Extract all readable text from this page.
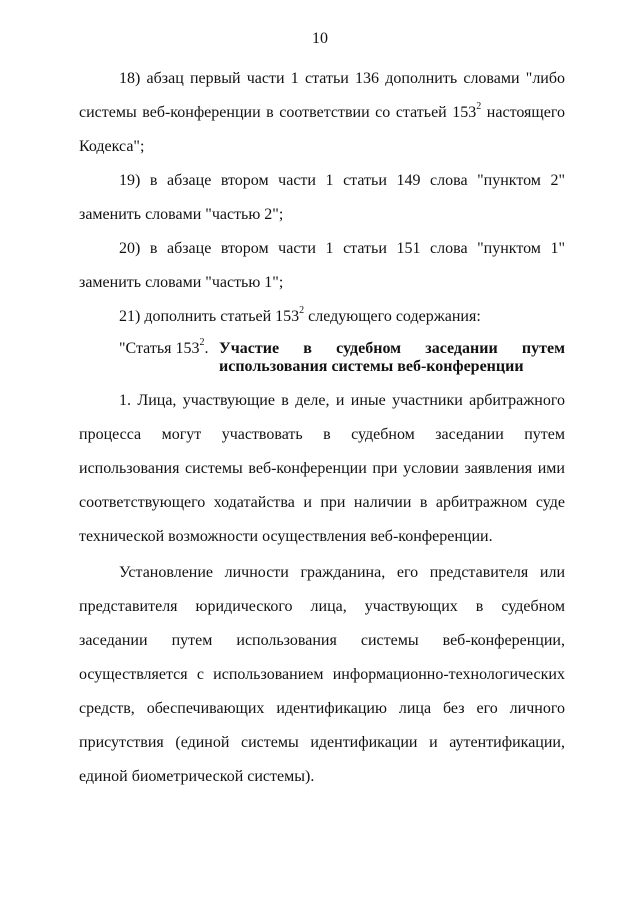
10

18) абзац первый части 1 статьи 136 дополнить словами "либо системы веб-конференции в соответствии со статьей $153^2$ настоящего Кодекса";

19) в абзаце втором части 1 статьи 149 слова "пунктом 2" заменить словами "частью 2";

20) в абзаце втором части 1 статьи 151 слова "пунктом 1" заменить словами "частью 1";

21) дополнить статьей $153^2$ следующего содержания:

"Статья $153^2$. Участие в судебном заседании путем использования системы веб-конференции

1. Лица, участвующие в деле, и иные участники арбитражного процесса могут участвовать в судебном заседании путем использования системы веб-конференции при условии заявления ими соответствующего ходатайства и при наличии в арбитражном суде технической возможности осуществления веб-конференции.

Установление личности гражданина, его представителя или представителя юридического лица, участвующих в судебном заседании путем использования системы веб-конференции, осуществляется с использованием информационно-технологических средств, обеспечивающих идентификацию лица без его личного присутствия (единой системы идентификации и аутентификации, единой биометрической системы).
